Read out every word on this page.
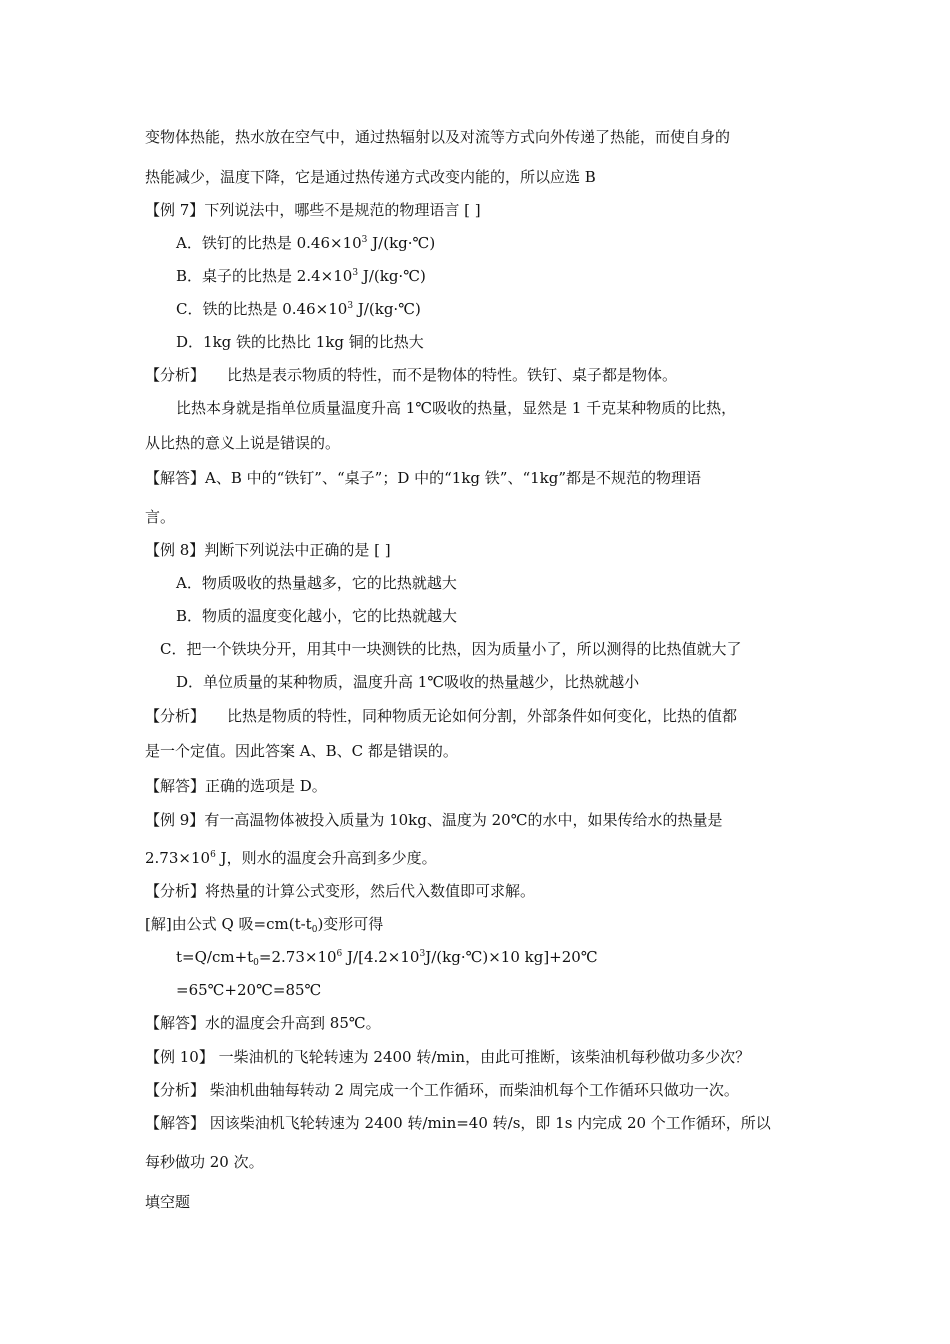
变物体热能，热水放在空气中，通过热辐射以及对流等方式向外传递了热能，而使自身的
热能减少，温度下降，它是通过热传递方式改变内能的，所以应选 B
【例 7】下列说法中，哪些不是规范的物理语言 [ ]
A．铁钉的比热是 $0.46\times 10^3$ J/(kg·℃)
B．桌子的比热是 $2.4\times 10^3$ J/(kg·℃)
C．铁的比热是 $0.46\times 10^3$ J/(kg·℃)
D．1kg 铁的比热比 1kg 铜的比热大
【分析】 比热是表示物质的特性，而不是物体的特性。铁钉、桌子都是物体。
比热本身就是指单位质量温度升高 1℃吸收的热量，显然是 1 千克某种物质的比热，
从比热的意义上说是错误的。
【解答】A、B 中的“铁钉”、“桌子”；D 中的“1kg 铁”、“1kg”都是不规范的物理语
言。
【例 8】判断下列说法中正确的是 [ ]
A．物质吸收的热量越多，它的比热就越大
B．物质的温度变化越小，它的比热就越大
C．把一个铁块分开，用其中一块测铁的比热，因为质量小了，所以测得的比热值就大了
D．单位质量的某种物质，温度升高 1℃吸收的热量越少，比热就越小
【分析】 比热是物质的特性，同种物质无论如何分割，外部条件如何变化，比热的值都
是一个定值。因此答案 A、B、C 都是错误的。
【解答】正确的选项是 D。
【例 9】有一高温物体被投入质量为 10kg、温度为 20℃的水中，如果传给水的热量是
$2.73\times 10^6$ J，则水的温度会升高到多少度。
【分析】将热量的计算公式变形，然后代入数值即可求解。
[解]由公式 Q 吸$=cm(t-t_0)$变形可得
$t=Q/cm+t_0=2.73\times 10^6$ $J/[4.2\times 10^3J/(kg\cdot℃)\times 10$ kg]+20℃
=65℃+20℃=85℃
【解答】水的温度会升高到 85℃。
【例 10】 一柴油机的飞轮转速为 2400 转/min，由此可推断，该柴油机每秒做功多少次？
【分析】 柴油机曲轴每转动 2 周完成一个工作循环，而柴油机每个工作循环只做功一次。
【解答】 因该柴油机飞轮转速为 2400 转/min=40 转/s，即 1s 内完成 20 个工作循环，所以
每秒做功 20 次。
填空题
